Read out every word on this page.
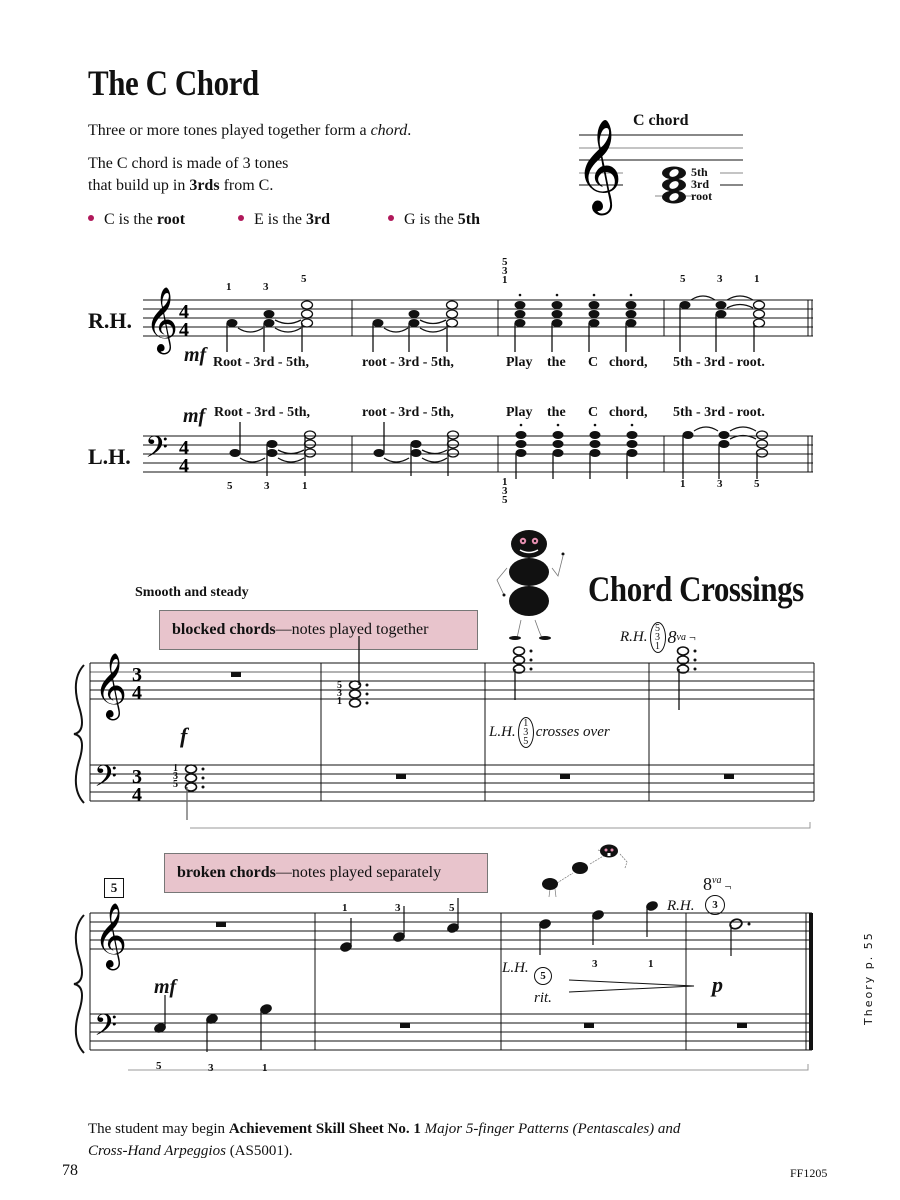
The C Chord
Three or more tones played together form a chord.
The C chord is made of 3 tones
that build up in 3rds from C.
C is the root	E is the 3rd	G is the 5th
𝄞 C chord
5th
3rd
root
R.H. 𝄞 4
4
1	3
5
5
3
1	5	3	1
mf Root - 3rd - 5th,	root - 3rd - 5th,	Play the C chord, 5th - 3rd - root.
mf Root - 3rd - 5th,	root - 3rd - 5th,	Play the C chord, 5th - 3rd - root.
L.H. 𝄢 4
4
5	3	1	1
3
5
1	3	5
Chord Crossings
Smooth and steady
blocked chords —notes played together
𝄞
𝄢
3
4
3
4
5
3
1
1
3
5
f	L.H.
1
3
5
crosses over
R.H.
5
3
1 8 va ¬
5
broken chords —notes played separately
𝄞
𝄢
mf
5	3	1
1	3	5
L.H.	5
rit.
3	1
p
$8^{va}$ ¬
R.H.	3
Theory p. 55
The student may begin Achievement Skill Sheet No. 1 Major 5-finger Patterns (Pentascales) and
Cross-Hand Arpeggios (AS5001).
78	FF1205
